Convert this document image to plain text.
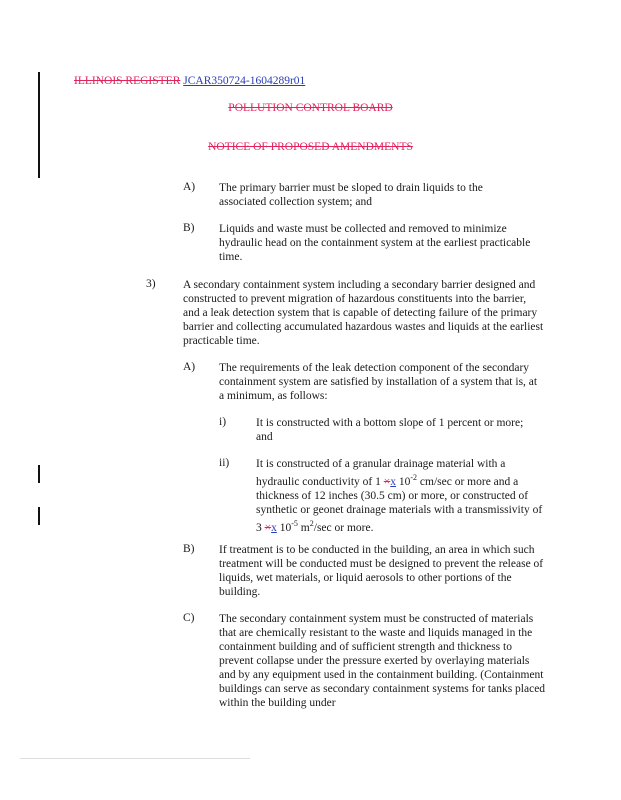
ILLINOIS REGISTER JCAR350724-1604289r01
POLLUTION CONTROL BOARD
NOTICE OF PROPOSED AMENDMENTS
A) The primary barrier must be sloped to drain liquids to the associated collection system; and
B) Liquids and waste must be collected and removed to minimize hydraulic head on the containment system at the earliest practicable time.
3) A secondary containment system including a secondary barrier designed and constructed to prevent migration of hazardous constituents into the barrier, and a leak detection system that is capable of detecting failure of the primary barrier and collecting accumulated hazardous wastes and liquids at the earliest practicable time.
A) The requirements of the leak detection component of the secondary containment system are satisfied by installation of a system that is, at a minimum, as follows:
i)	It is constructed with a bottom slope of 1 percent or more; and
ii) It is constructed of a granular drainage material with a hydraulic conductivity of 1 ×x $10^{-2}$ cm/sec or more and a thickness of 12 inches (30.5 cm) or more, or constructed of synthetic or geonet drainage materials with a transmissivity of 3 ×x $10^{-5}$ $m^2/\sec$ or more.
B) If treatment is to be conducted in the building, an area in which such treatment will be conducted must be designed to prevent the release of liquids, wet materials, or liquid aerosols to other portions of the building.
C) The secondary containment system must be constructed of materials that are chemically resistant to the waste and liquids managed in the containment building and of sufficient strength and thickness to prevent collapse under the pressure exerted by overlaying materials and by any equipment used in the containment building. (Containment buildings can serve as secondary containment systems for tanks placed within the building under
